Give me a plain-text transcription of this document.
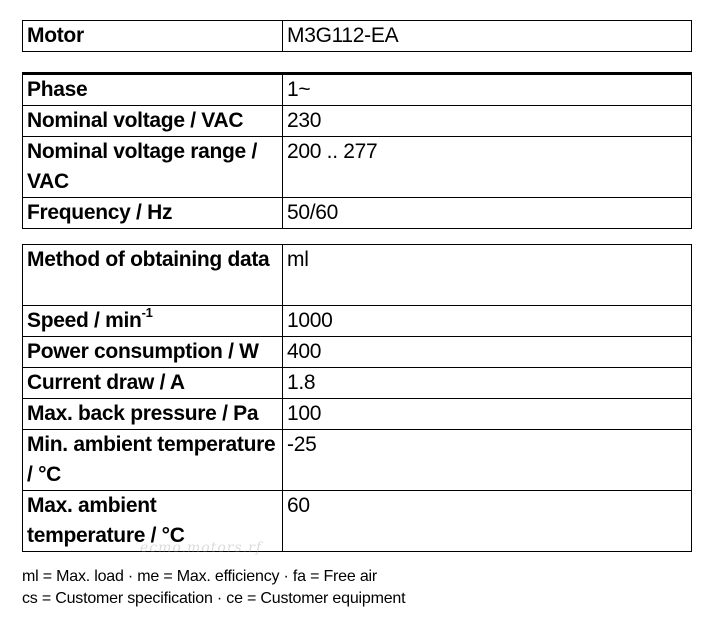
Motor	M3G112-EA
Phase	1~
Nominal voltage / VAC	230
Nominal voltage range / VAC	200 .. 277
Frequency / Hz	50/60
Method of obtaining data	ml
Speed / $\min^{-1}$	1000
Power consumption / W	400
Current draw / A	1.8
Max. back pressure / Pa	100
Min. ambient temperature / °C	-25
Max. ambient temperature / °C	60
ecmo.motors.rf
ml = Max. load · me = Max. efficiency · fa = Free air
cs = Customer specification · ce = Customer equipment
